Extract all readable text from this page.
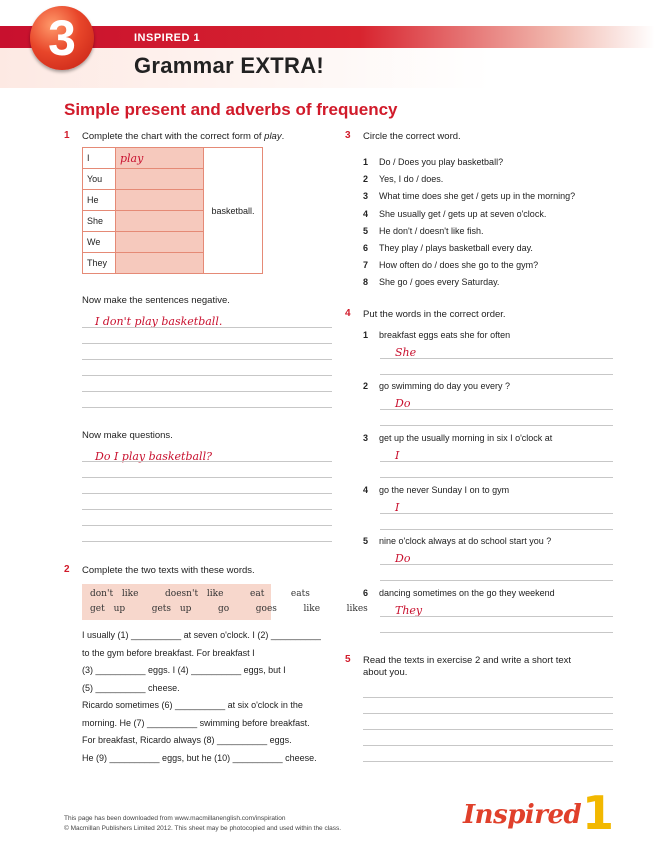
3	INSPIRED 1
Grammar EXTRA!
Simple present and adverbs of frequency
1 Complete the chart with the correct form of play.
I	play	basketball.
You		
He		
She		
We		
They		
Now make the sentences negative.
I don't play basketball.
Now make questions.
Do I play basketball?
2 Complete the two texts with these words.
don't like   doesn't like   eat   eats
get up   gets up   go   goes   like   likes
I usually (1) __________ at seven o'clock. I (2) __________
to the gym before breakfast. For breakfast I
(3) __________ eggs. I (4) __________ eggs, but I
(5) __________ cheese.
Ricardo sometimes (6) __________ at six o'clock in the
morning. He (7) __________ swimming before breakfast.
For breakfast, Ricardo always (8) __________ eggs.
He (9) __________ eggs, but he (10) __________ cheese.
3 Circle the correct word.
1 Do / Does you play basketball?
2 Yes, I do / does.
3 What time does she get / gets up in the morning?
4 She usually get / gets up at seven o'clock.
5 He don't / doesn't like fish.
6 They play / plays basketball every day.
7 How often do / does she go to the gym?
8 She go / goes every Saturday.
4 Put the words in the correct order.
1 breakfast eggs eats she for often
She
2 go swimming do day you every ?
Do
3 get up the usually morning in six I o'clock at
I
4 go the never Sunday I on to gym
I
5 nine o'clock always at do school start you ?
Do
6 dancing sometimes on the go they weekend
They
5 Read the texts in exercise 2 and write a short text
about you.
This page has been downloaded from www.macmillanenglish.com/inspiration
© Macmillan Publishers Limited 2012. This sheet may be photocopied and used within the class.	Inspired 1
